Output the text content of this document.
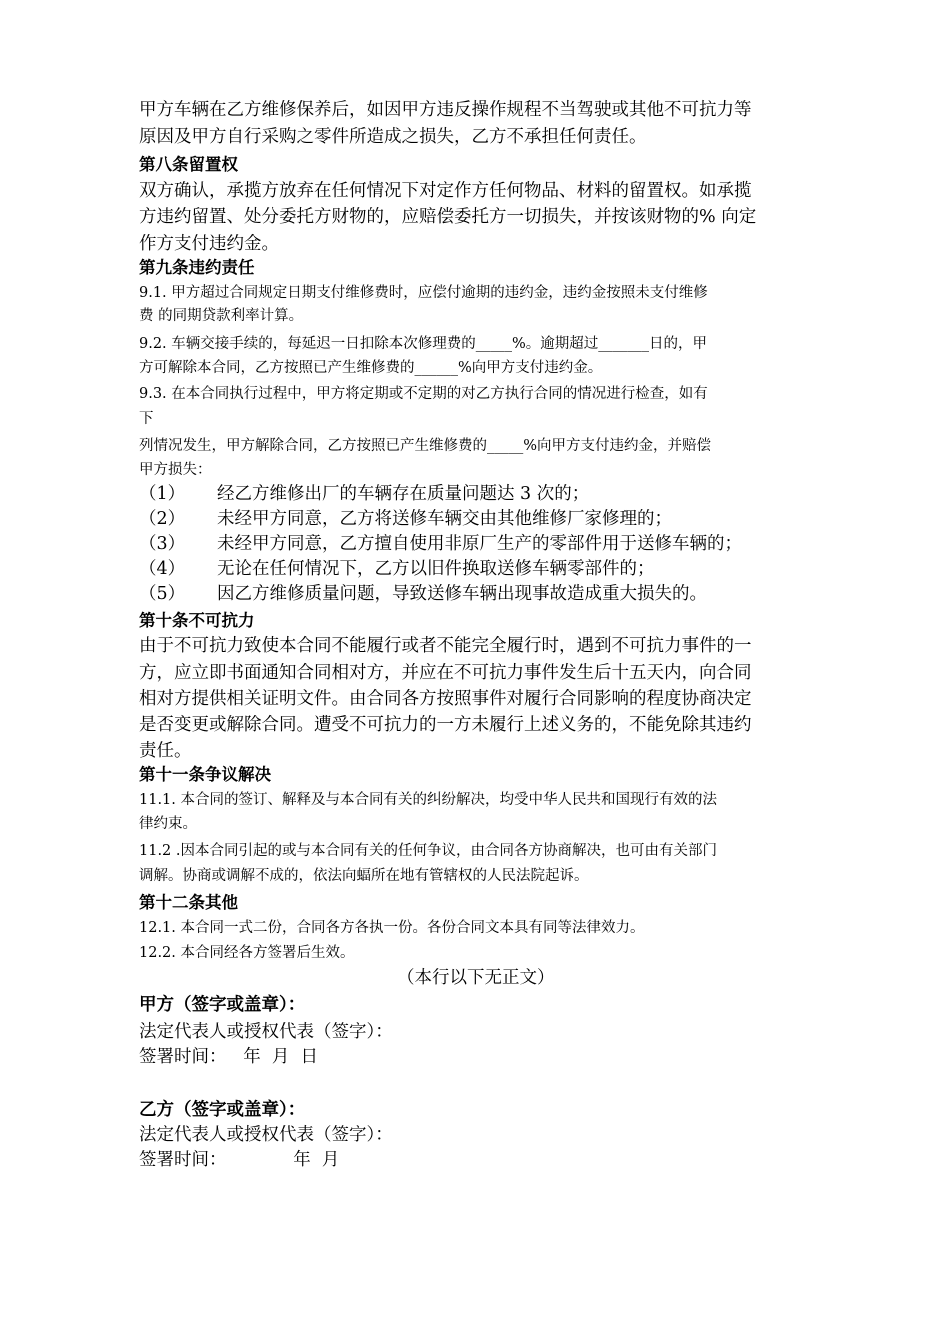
甲方车辆在乙方维修保养后，如因甲方违反操作规程不当驾驶或其他不可抗力等
原因及甲方自行采购之零件所造成之损失，乙方不承担任何责任。
第八条留置权
双方确认，承揽方放弃在任何情况下对定作方任何物品、材料的留置权。如承揽
方违约留置、处分委托方财物的，应赔偿委托方一切损失，并按该财物的% 向定
作方支付违约金。
第九条违约责任
9.1. 甲方超过合同规定日期支付维修费时，应偿付逾期的违约金，违约金按照未支付维修
费 的同期贷款利率计算。
9.2. 车辆交接手续的，每延迟一日扣除本次修理费的_____%。逾期超过_______日的，甲
方可解除本合同，乙方按照已产生维修费的______%向甲方支付违约金。
9.3. 在本合同执行过程中，甲方将定期或不定期的对乙方执行合同的情况进行检查，如有
下
列情况发生，甲方解除合同，乙方按照已产生维修费的_____%向甲方支付违约金，并赔偿
甲方损失：
（1） 经乙方维修出厂的车辆存在质量问题达 3 次的；
（2） 未经甲方同意，乙方将送修车辆交由其他维修厂家修理的；
（3） 未经甲方同意，乙方擅自使用非原厂生产的零部件用于送修车辆的；
（4） 无论在任何情况下，乙方以旧件换取送修车辆零部件的；
（5） 因乙方维修质量问题，导致送修车辆出现事故造成重大损失的。
第十条不可抗力
由于不可抗力致使本合同不能履行或者不能完全履行时，遇到不可抗力事件的一
方，应立即书面通知合同相对方，并应在不可抗力事件发生后十五天内，向合同
相对方提供相关证明文件。由合同各方按照事件对履行合同影响的程度协商决定
是否变更或解除合同。遭受不可抗力的一方未履行上述义务的，不能免除其违约
责任。
第十一条争议解决
11.1. 本合同的签订、解释及与本合同有关的纠纷解决，均受中华人民共和国现行有效的法
律约束。
11.2 .因本合同引起的或与本合同有关的任何争议，由合同各方协商解决，也可由有关部门
调解。协商或调解不成的，依法向蝠所在地有管辖权的人民法院起诉。
第十二条其他
12.1. 本合同一式二份，合同各方各执一份。各份合同文本具有同等法律效力。
12.2. 本合同经各方签署后生效。
（本行以下无正文）
甲方（签字或盖章）：
法定代表人或授权代表（签字）：
签署时间：   年  月  日
乙方（签字或盖章）：
法定代表人或授权代表（签字）：
签署时间：            年  月
